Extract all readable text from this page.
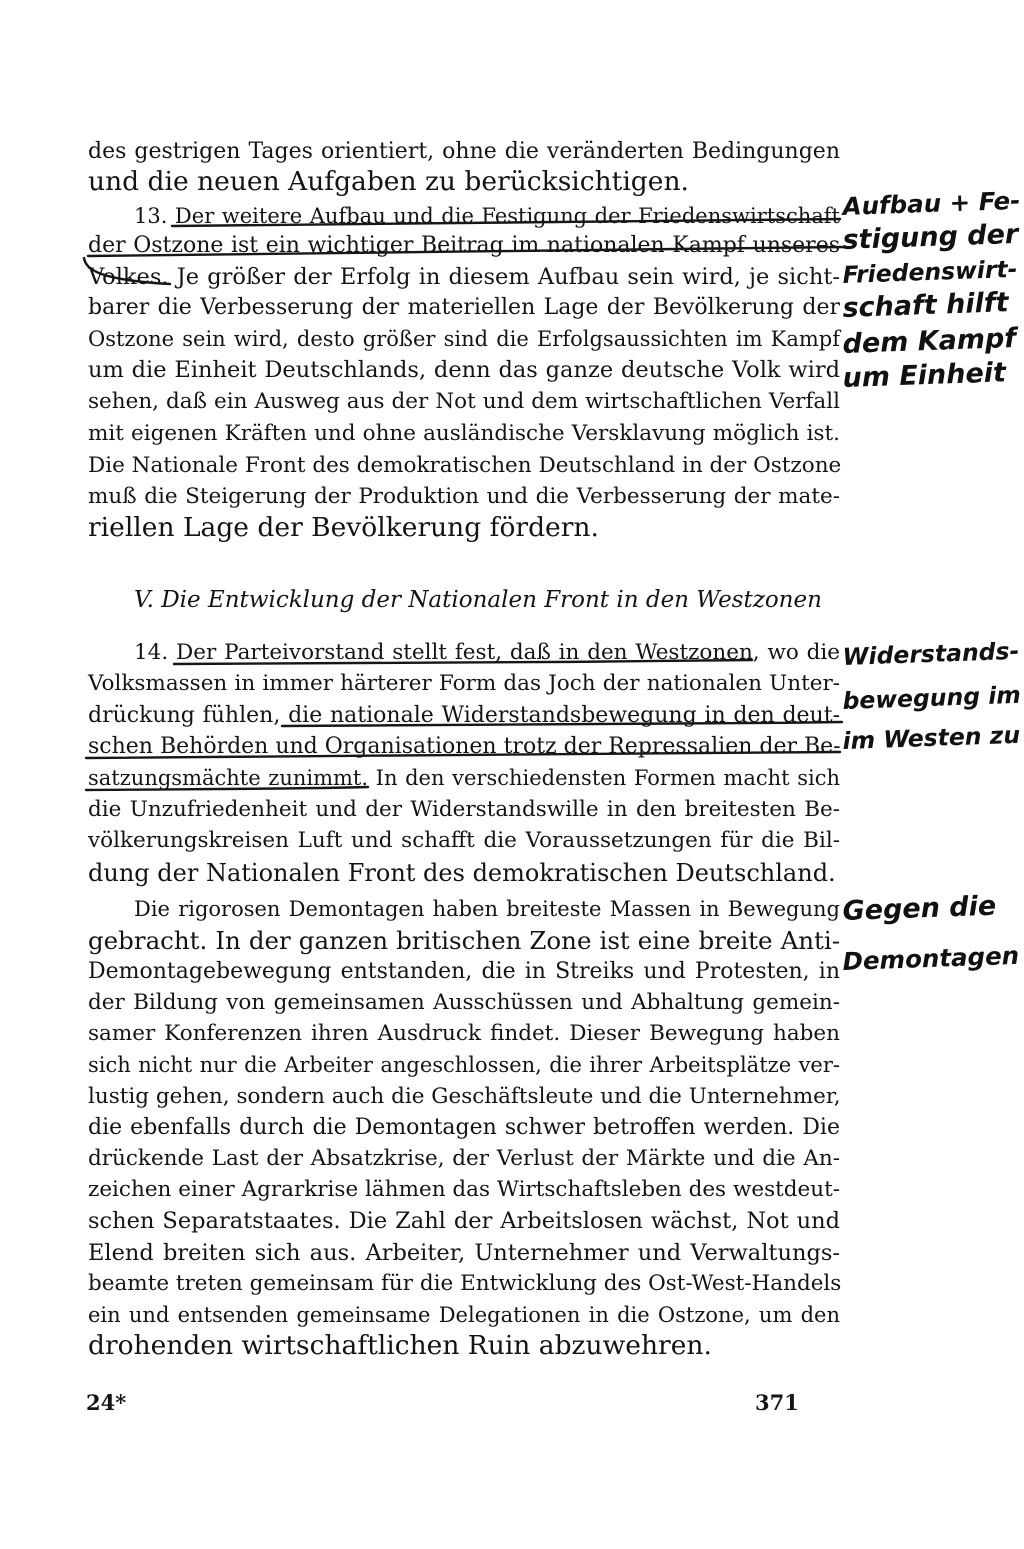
des gestrigen Tages orientiert, ohne die veränderten Bedingungen
und die neuen Aufgaben zu berücksichtigen.
13. Der weitere Aufbau und die Festigung der Friedenswirtschaft
der Ostzone ist ein wichtiger Beitrag im nationalen Kampf unseres
Volkes. Je größer der Erfolg in diesem Aufbau sein wird, je sicht-
barer die Verbesserung der materiellen Lage der Bevölkerung der
Ostzone sein wird, desto größer sind die Erfolgsaussichten im Kampf
um die Einheit Deutschlands, denn das ganze deutsche Volk wird
sehen, daß ein Ausweg aus der Not und dem wirtschaftlichen Verfall
mit eigenen Kräften und ohne ausländische Versklavung möglich ist.
Die Nationale Front des demokratischen Deutschland in der Ostzone
muß die Steigerung der Produktion und die Verbesserung der mate-
riellen Lage der Bevölkerung fördern.
V. Die Entwicklung der Nationalen Front in den Westzonen
14. Der Parteivorstand stellt fest, daß in den Westzonen, wo die
Volksmassen in immer härterer Form das Joch der nationalen Unter-
drückung fühlen, die nationale Widerstandsbewegung in den deut-
schen Behörden und Organisationen trotz der Repressalien der Be-
satzungsmächte zunimmt. In den verschiedensten Formen macht sich
die Unzufriedenheit und der Widerstandswille in den breitesten Be-
völkerungskreisen Luft und schafft die Voraussetzungen für die Bil-
dung der Nationalen Front des demokratischen Deutschland.
Die rigorosen Demontagen haben breiteste Massen in Bewegung
gebracht. In der ganzen britischen Zone ist eine breite Anti-
Demontagebewegung entstanden, die in Streiks und Protesten, in
der Bildung von gemeinsamen Ausschüssen und Abhaltung gemein-
samer Konferenzen ihren Ausdruck findet. Dieser Bewegung haben
sich nicht nur die Arbeiter angeschlossen, die ihrer Arbeitsplätze ver-
lustig gehen, sondern auch die Geschäftsleute und die Unternehmer,
die ebenfalls durch die Demontagen schwer betroffen werden. Die
drückende Last der Absatzkrise, der Verlust der Märkte und die An-
zeichen einer Agrarkrise lähmen das Wirtschaftsleben des westdeut-
schen Separatstaates. Die Zahl der Arbeitslosen wächst, Not und
Elend breiten sich aus. Arbeiter, Unternehmer und Verwaltungs-
beamte treten gemeinsam für die Entwicklung des Ost-West-Handels
ein und entsenden gemeinsame Delegationen in die Ostzone, um den
drohenden wirtschaftlichen Ruin abzuwehren.
24*	371
Aufbau + Fe-
stigung der
Friedenswirt-
schaft hilft
dem Kampf
um Einheit
Widerstands-
bewegung im
im Westen zu
Gegen die
Demontagen
